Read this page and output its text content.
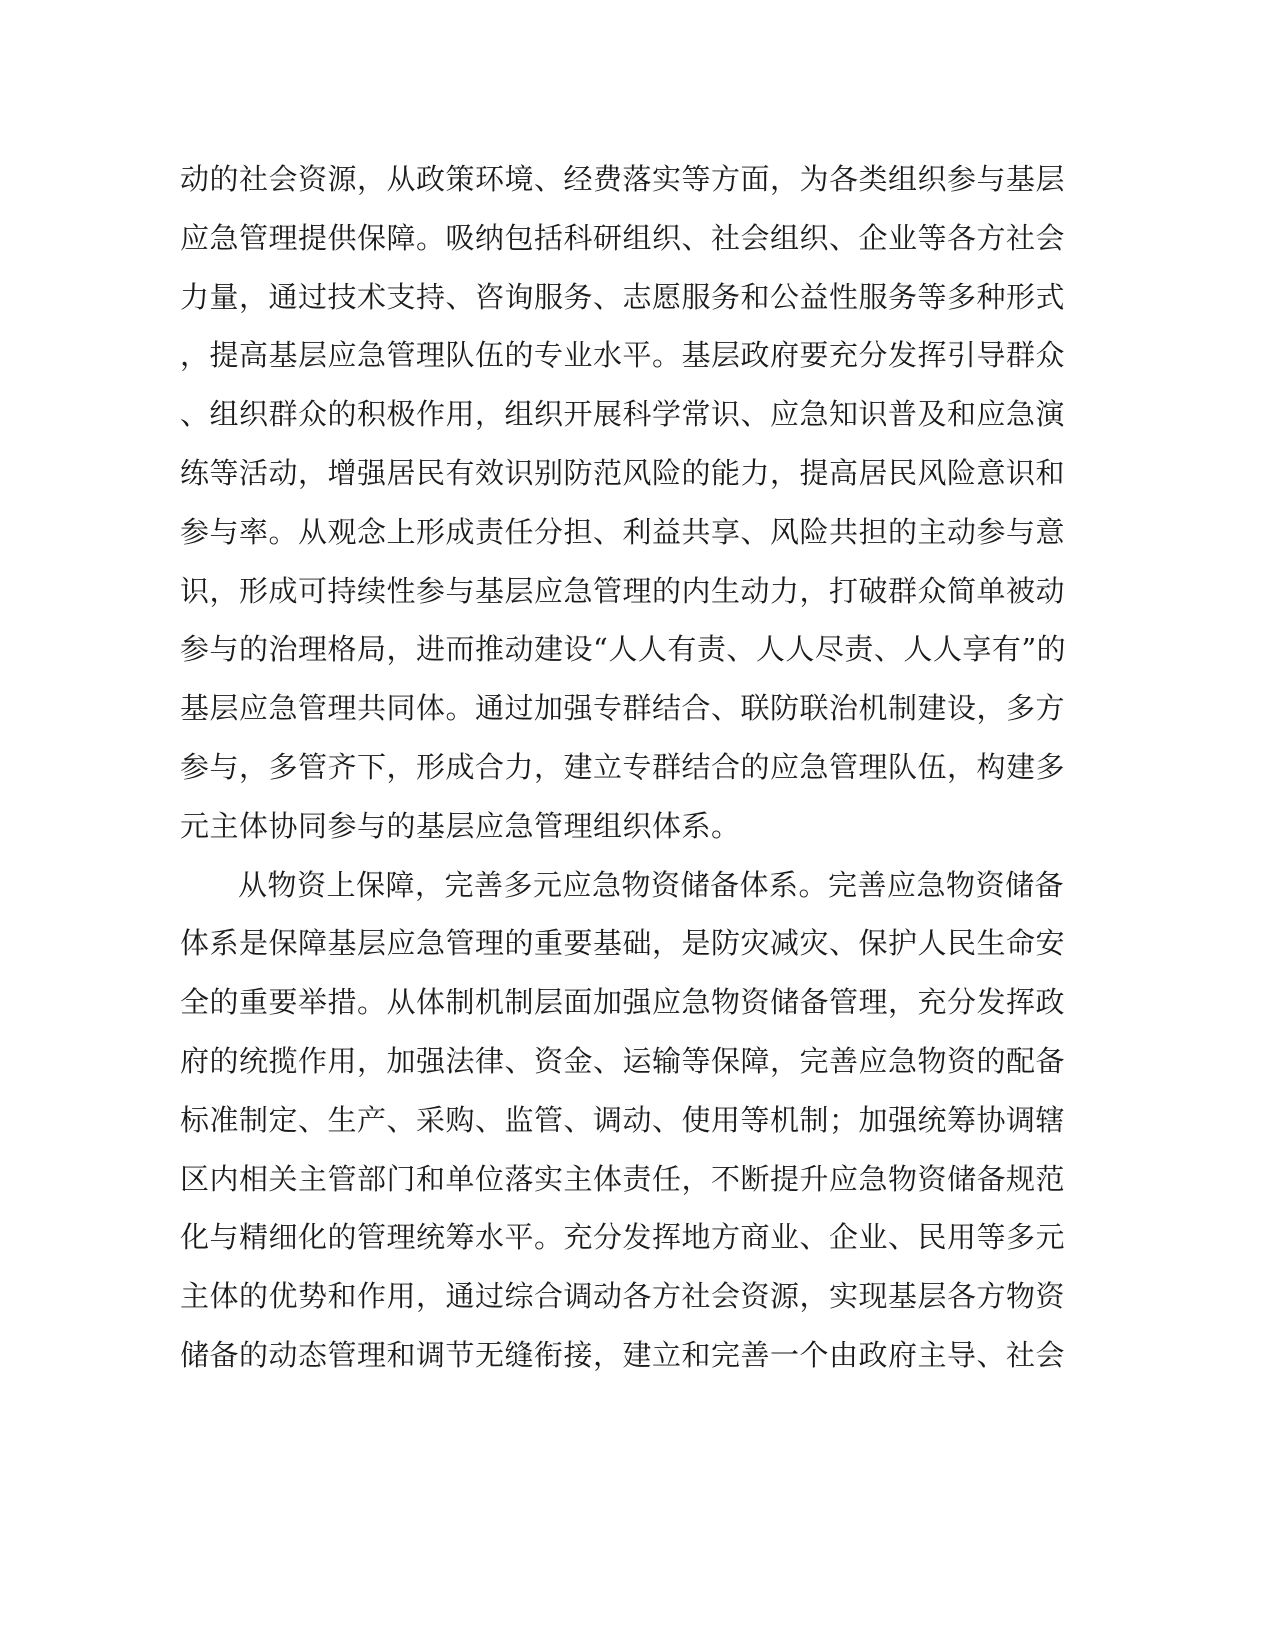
动的社会资源，从政策环境、经费落实等方面，为各类组织参与基层
应急管理提供保障。吸纳包括科研组织、社会组织、企业等各方社会
力量，通过技术支持、咨询服务、志愿服务和公益性服务等多种形式
，提高基层应急管理队伍的专业水平。基层政府要充分发挥引导群众
、组织群众的积极作用，组织开展科学常识、应急知识普及和应急演
练等活动，增强居民有效识别防范风险的能力，提高居民风险意识和
参与率。从观念上形成责任分担、利益共享、风险共担的主动参与意
识，形成可持续性参与基层应急管理的内生动力，打破群众简单被动
参与的治理格局，进而推动建设“人人有责、人人尽责、人人享有”的
基层应急管理共同体。通过加强专群结合、联防联治机制建设，多方
参与，多管齐下，形成合力，建立专群结合的应急管理队伍，构建多
元主体协同参与的基层应急管理组织体系。
从物资上保障，完善多元应急物资储备体系。完善应急物资储备
体系是保障基层应急管理的重要基础，是防灾减灾、保护人民生命安
全的重要举措。从体制机制层面加强应急物资储备管理，充分发挥政
府的统揽作用，加强法律、资金、运输等保障，完善应急物资的配备
标准制定、生产、采购、监管、调动、使用等机制；加强统筹协调辖
区内相关主管部门和单位落实主体责任，不断提升应急物资储备规范
化与精细化的管理统筹水平。充分发挥地方商业、企业、民用等多元
主体的优势和作用，通过综合调动各方社会资源，实现基层各方物资
储备的动态管理和调节无缝衔接，建立和完善一个由政府主导、社会
